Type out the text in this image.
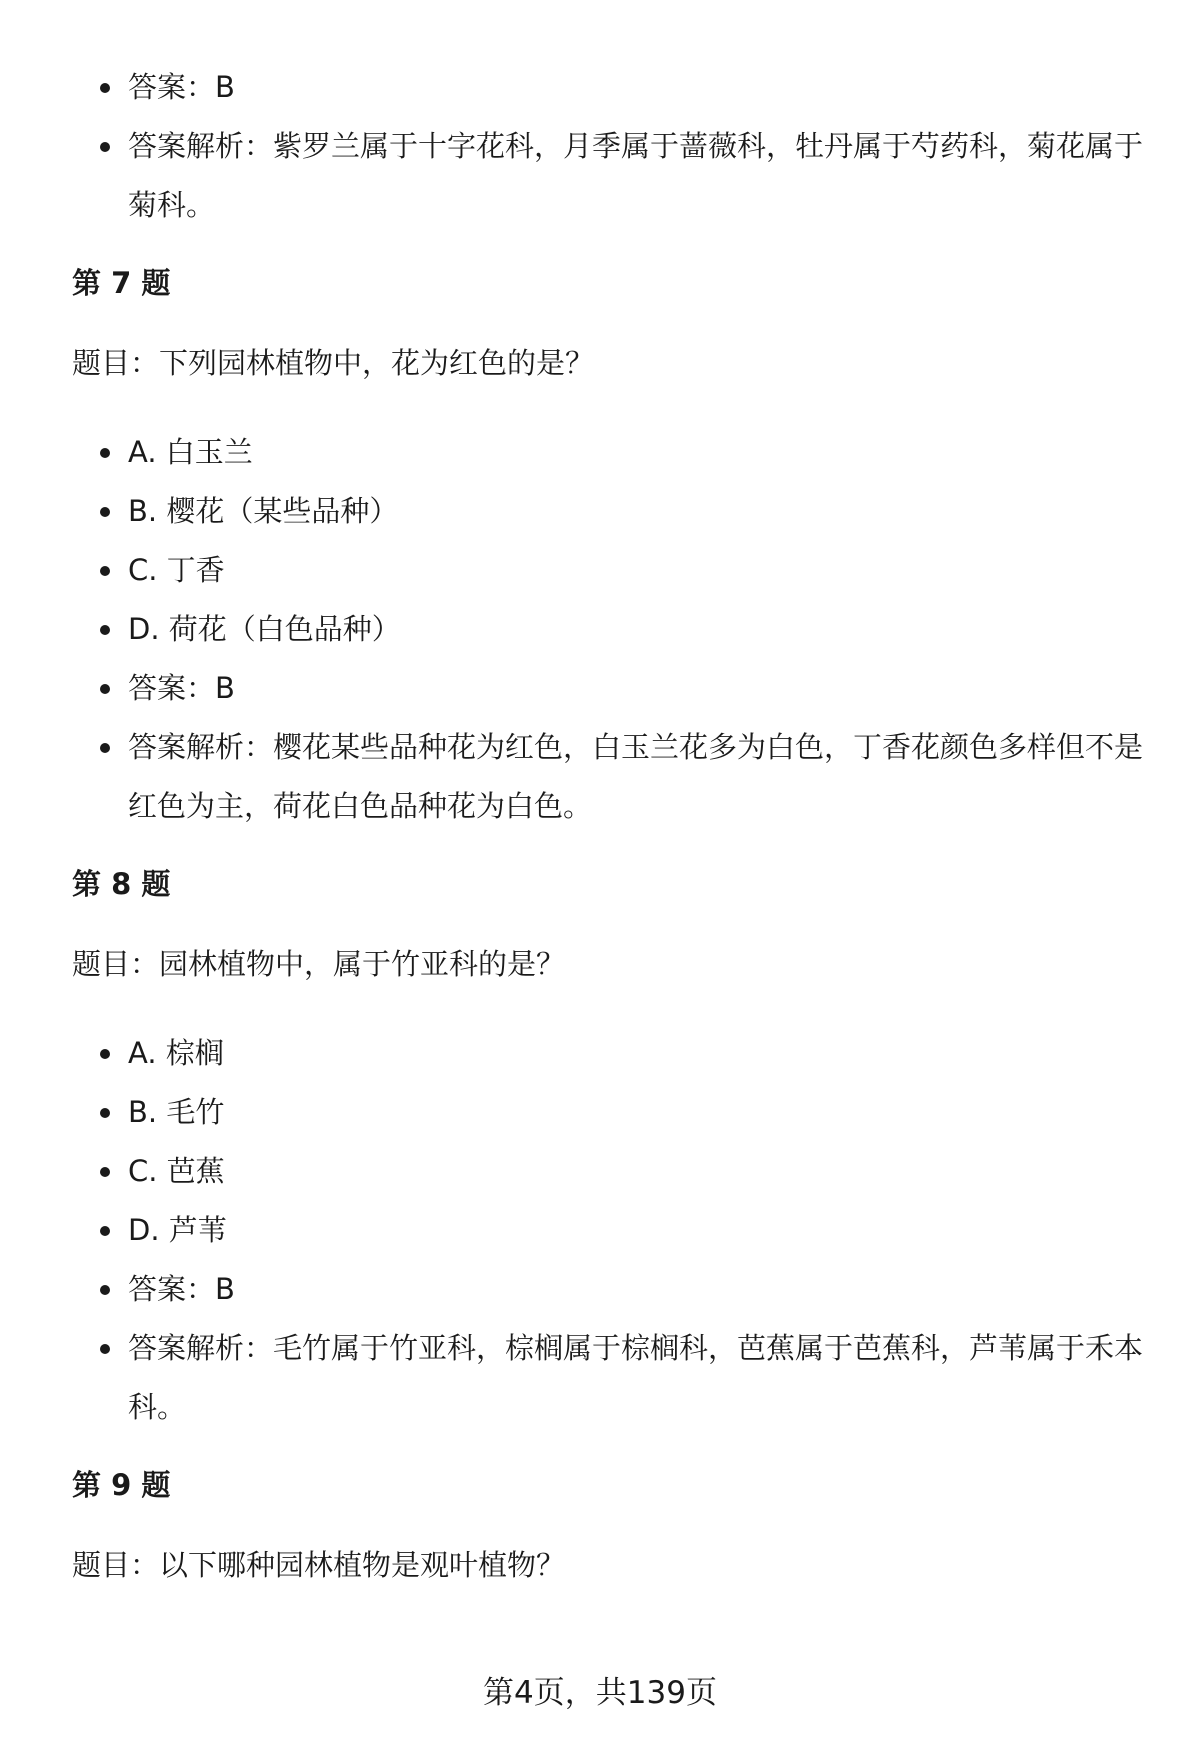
答案：B
答案解析：紫罗兰属于十字花科，月季属于蔷薇科，牡丹属于芍药科，菊花属于菊科。

第 7 题

题目：下列园林植物中，花为红色的是？

A. 白玉兰
B. 樱花（某些品种）
C. 丁香
D. 荷花（白色品种）
答案：B
答案解析：樱花某些品种花为红色，白玉兰花多为白色，丁香花颜色多样但不是红色为主，荷花白色品种花为白色。

第 8 题

题目：园林植物中，属于竹亚科的是？

A. 棕榈
B. 毛竹
C. 芭蕉
D. 芦苇
答案：B
答案解析：毛竹属于竹亚科，棕榈属于棕榈科，芭蕉属于芭蕉科，芦苇属于禾本科。

第 9 题

题目：以下哪种园林植物是观叶植物？

第4页，共139页
